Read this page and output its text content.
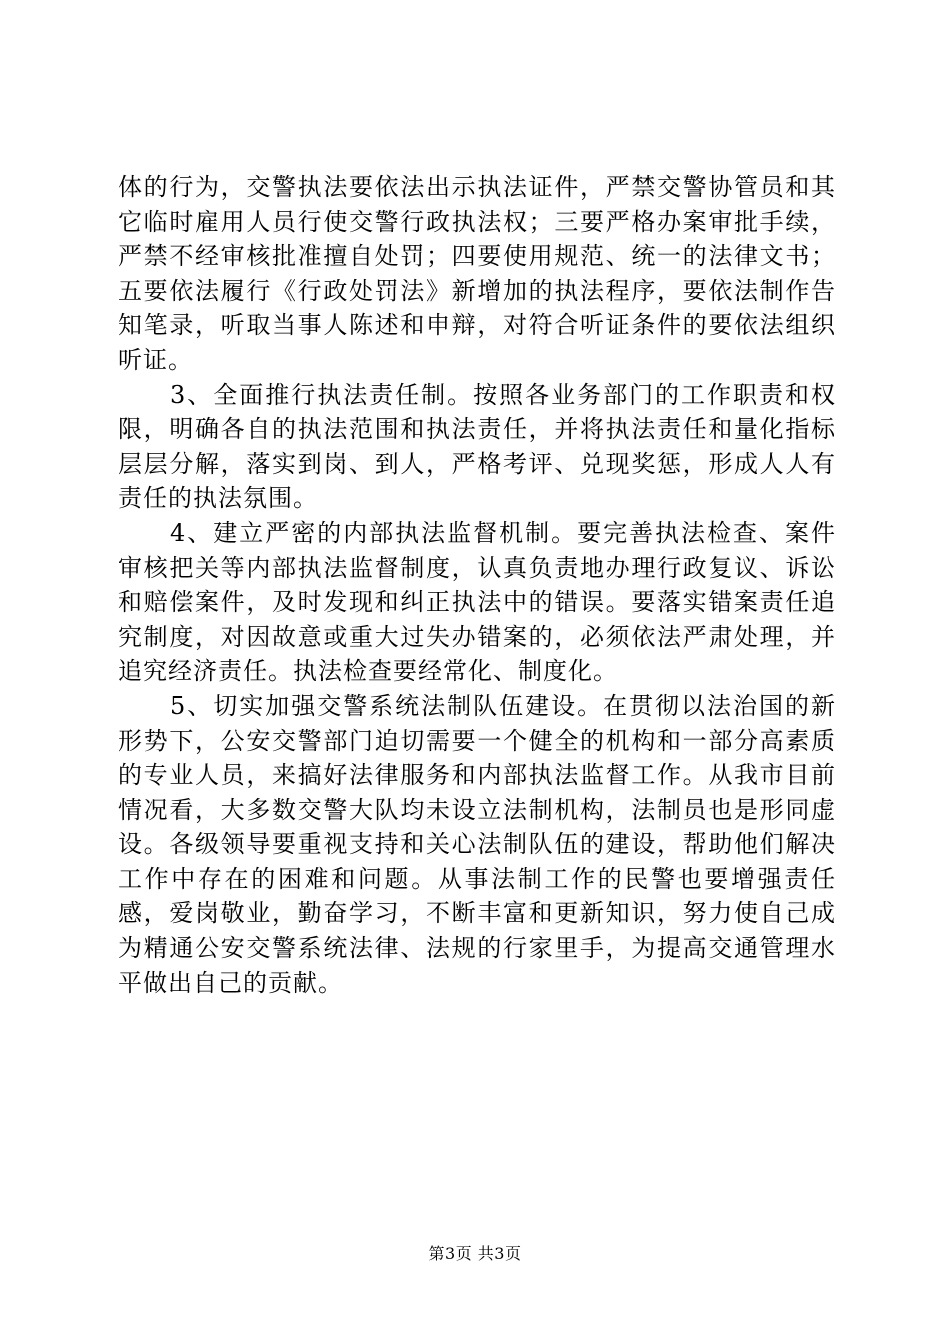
体的行为，交警执法要依法出示执法证件，严禁交警协管员和其它临时雇用人员行使交警行政执法权；三要严格办案审批手续，严禁不经审核批准擅自处罚；四要使用规范、统一的法律文书；五要依法履行《行政处罚法》新增加的执法程序，要依法制作告知笔录，听取当事人陈述和申辩，对符合听证条件的要依法组织听证。

3、全面推行执法责任制。按照各业务部门的工作职责和权限，明确各自的执法范围和执法责任，并将执法责任和量化指标层层分解，落实到岗、到人，严格考评、兑现奖惩，形成人人有责任的执法氛围。

4、建立严密的内部执法监督机制。要完善执法检查、案件审核把关等内部执法监督制度，认真负责地办理行政复议、诉讼和赔偿案件，及时发现和纠正执法中的错误。要落实错案责任追究制度，对因故意或重大过失办错案的，必须依法严肃处理，并追究经济责任。执法检查要经常化、制度化。

5、切实加强交警系统法制队伍建设。在贯彻以法治国的新形势下，公安交警部门迫切需要一个健全的机构和一部分高素质的专业人员，来搞好法律服务和内部执法监督工作。从我市目前情况看，大多数交警大队均未设立法制机构，法制员也是形同虚设。各级领导要重视支持和关心法制队伍的建设，帮助他们解决工作中存在的困难和问题。从事法制工作的民警也要增强责任感，爱岗敬业，勤奋学习，不断丰富和更新知识，努力使自己成为精通公安交警系统法律、法规的行家里手，为提高交通管理水平做出自己的贡献。

第3页 共3页
